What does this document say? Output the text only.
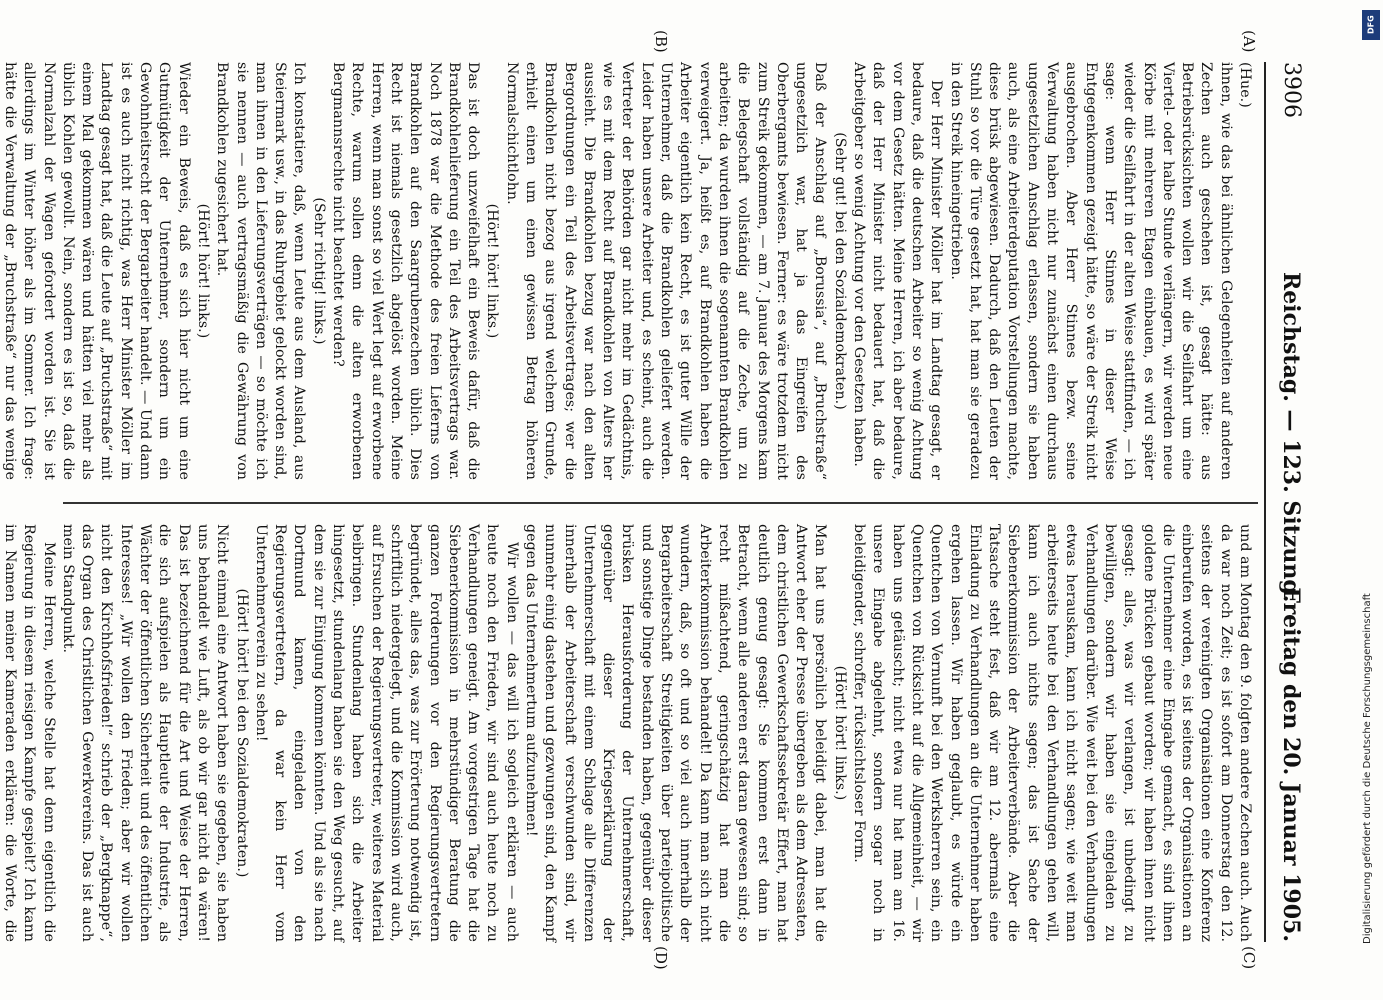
3906
Reichstag. — 123. Sitzung.
Freitag den 20. Januar 1905.

(Hue.)

ihnen, wie das bei ähnlichen Gelegenheiten auf anderen Zechen auch geschehen ist, gesagt hätte: aus Betriebsrücksichten wollen wir die Seilfahrt um eine Viertel- oder halbe Stunde verlängern, wir werden neue Körbe mit mehreren Etagen einbauen, es wird später wieder die Seilfahrt in der alten Weise stattfinden, — ich sage: wenn Herr Stinnes in dieser Weise Entgegenkommen gezeigt hätte, so wäre der Streik nicht ausgebrochen. Aber Herr Stinnes bezw. seine Verwaltung haben nicht nur zunächst einen durchaus ungesetzlichen Anschlag erlassen, sondern sie haben auch, als eine Arbeiterdeputation Vorstellungen machte, diese brüsk abgewiesen. Dadurch, daß den Leuten der Stuhl so vor die Türe gesetzt hat, hat man sie geradezu in den Streik hineingetrieben.

Der Herr Minister Möller hat im Landtag gesagt, er bedaure, daß die deutschen Arbeiter so wenig Achtung vor dem Gesetz hätten. Meine Herren, ich aber bedaure, daß der Herr Minister nicht bedauert hat, daß die Arbeitgeber so wenig Achtung vor den Gesetzen haben.

(Sehr gut! bei den Sozialdemokraten.)

Daß der Anschlag auf „Borussia“, auf „Bruchstraße“ ungesetzlich war, hat ja das Eingreifen des Oberbergamts bewiesen. Ferner: es wäre trotzdem nicht zum Streik gekommen, — am 7. Januar des Morgens kam die Belegschaft vollständig auf die Zeche, um zu arbeiten; da wurden ihnen die sogenannten Brandkohlen verweigert. Ja, heißt es, auf Brandkohlen haben die Arbeiter eigentlich kein Recht, es ist guter Wille der Unternehmer, daß die Brandkohlen geliefert werden. Leider haben unsere Arbeiter und, es scheint, auch die Vertreter der Behörden gar nicht mehr im Gedächtnis, wie es mit dem Recht auf Brandkohlen von Alters her aussieht. Die Brandkohlen bezug war nach den alten Bergordnungen ein Teil des Arbeitsvertrages; wer die Brandkohlen nicht bezog aus irgend welchem Grunde, erhielt einen um einen gewissen Betrag höheren Normalschichtlohn.

(Hört! hört! links.)

Das ist doch unzweifelhaft ein Beweis dafür, daß die Brandkohlenlieferung ein Teil des Arbeitsvertrags war. Noch 1878 war die Methode des freien Lieferns von Brandkohlen auf den Saargrubenzechen üblich. Dies Recht ist niemals gesetzlich abgelöst worden. Meine Herren, wenn man sonst so viel Wert legt auf erworbene Rechte, warum sollen denn die alten erworbenen Bergmannsrechte nicht beachtet werden?

(Sehr richtig! links.)

Ich konstatiere, daß, wenn Leute aus dem Ausland, aus Steiermark usw., in das Ruhrgebiet gelockt worden sind, man ihnen in den Lieferungsverträgen — so möchte ich sie nennen — auch vertragsmäßig die Gewährung von Brandkohlen zugesichert hat.

(Hört! hört! links.)

Wieder ein Beweis, daß es sich hier nicht um eine Gutmütigkeit der Unternehmer, sondern um ein Gewohnheitsrecht der Bergarbeiter handelt. — Und dann ist es auch nicht richtig, was Herr Minister Möller im Landtag gesagt hat, daß die Leute auf „Bruchstraße“ mit einem Mal gekommen wären und hätten viel mehr als üblich Kohlen gewollt. Nein, sondern es ist so, daß die Normalzahl der Wagen gefordert worden ist. Sie ist allerdings im Winter höher als im Sommer. Ich frage: hätte die Verwaltung der „Bruchstraße“ nur das wenige

und am Montag den 9. folgten andere Zechen auch. Auch da war noch Zeit; es ist sofort am Donnerstag den 12. seitens der vereinigten Organisationen eine Konferenz einberufen worden, es ist seitens der Organisationen an die Unternehmer eine Eingabe gemacht, es sind ihnen goldene Brücken gebaut worden; wir haben ihnen nicht gesagt: alles, was wir verlangen, ist unbedingt zu bewilligen, sondern wir haben sie eingeladen zu Verhandlungen darüber. Wie weit bei den Verhandlungen etwas herauskam, kann ich nicht sagen; wie weit man arbeiterseits heute bei den Verhandlungen gehen will, kann ich auch nichts sagen; das ist Sache der Siebenerkommission der Arbeiterverbände. Aber die Tatsache steht fest, daß wir am 12. abermals eine Einladung zu Verhandlungen an die Unternehmer haben ergehen lassen. Wir haben geglaubt, es würde ein Quentchen von Vernunft bei den Werksherren sein, ein Quentchen von Rücksicht auf die Allgemeinheit, — wir haben uns getäuscht; nicht etwa nur hat man am 16. unsere Eingabe abgelehnt, sondern sogar noch in beleidigender, schroffer, rücksichtsloser Form.

(Hört! hört! links.)

Man hat uns persönlich beleidigt dabei, man hat die Antwort eher der Presse übergeben als dem Adressaten, dem christlichen Gewerkschaftssekretär Effert, man hat deutlich genug gesagt: Sie kommen erst dann in Betracht, wenn alle anderen erst daran gewesen sind; so recht mißachtend, geringschätzig hat man die Arbeiterkommission behandelt! Da kann man sich nicht wundern, daß, so oft und so viel auch innerhalb der Bergarbeiterschaft Streitigkeiten über parteipolitische und sonstige Dinge bestanden haben, gegenüber dieser brüsken Herausforderung der Unternehmerschaft, gegenüber dieser Kriegserklärung der Unternehmerschaft mit einem Schlage alle Differenzen innerhalb der Arbeiterschaft verschwunden sind, wir nunmehr einig dastehen und gezwungen sind, den Kampf gegen das Unternehmertum aufzunehmen!

Wir wollen — das will ich sogleich erklären — auch heute noch den Frieden, wir sind auch heute noch zu Verhandlungen geneigt. Am vorgestrigen Tage hat die Siebenerkommission in mehrstündiger Beratung die ganzen Forderungen vor den Regierungsvertretern begründet, alles das, was zur Erörterung notwendig ist, schriftlich niedergelegt, und die Kommission wird auch, auf Ersuchen der Regierungsvertreter, weiteres Material beibringen. Stundenlang haben sich die Arbeiter hingesetzt, stundenlang haben sie den Weg gesucht, auf dem sie zur Einigung kommen könnten. Und als sie nach Dortmund kamen, eingeladen von den Regierungsvertretern, da war kein Herr vom Unternehmerverein zu sehen!

(Hört! hört! bei den Sozialdemokraten.)

Nicht einmal eine Antwort haben sie gegeben, sie haben uns behandelt wie Luft, als ob wir gar nicht da wären! Das ist bezeichnend für die Art und Weise der Herren, die sich aufspielen als Hauptleute der Industrie, als Wächter der öffentlichen Sicherheit und des öffentlichen Interesses! „Wir wollen den Frieden; aber wir wollen nicht den Kirchhofsfrieden!“ schrieb der „Bergknappe“, das Organ des Christlichen Gewerkvereins. Das ist auch mein Standpunkt.

Meine Herren, welche Stelle hat denn eigentlich die Regierung in diesem riesigen Kampfe gespielt? Ich kann im Namen meiner Kameraden erklären: die Worte, die

(A)
(B)
(C)
(D)
DFG
Digitalisierung gefördert durch die Deutsche Forschungsgemeinschaft
